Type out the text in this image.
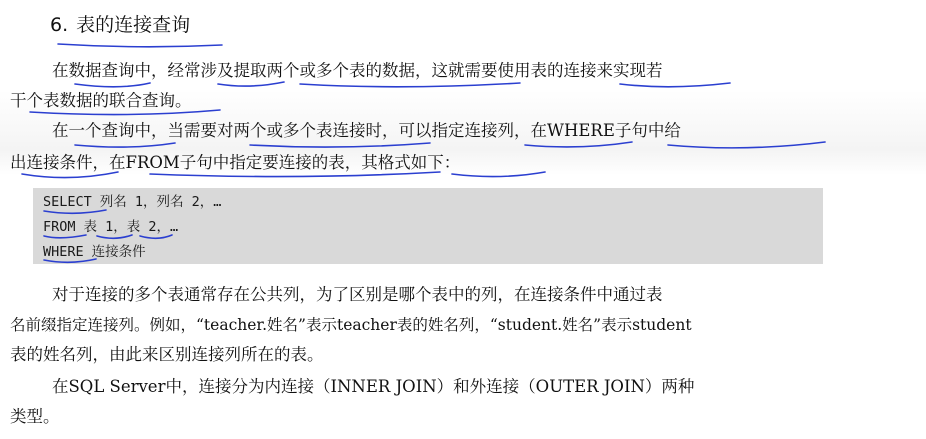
6. 表的连接查询
在数据查询中，经常涉及提取两个或多个表的数据，这就需要使用表的连接来实现若
干个表数据的联合查询。
在一个查询中，当需要对两个或多个表连接时，可以指定连接列，在WHERE子句中给
出连接条件，在FROM子句中指定要连接的表，其格式如下：
SELECT 列名 1，列名 2，…
FROM 表 1，表 2，…
WHERE 连接条件
对于连接的多个表通常存在公共列，为了区别是哪个表中的列，在连接条件中通过表
名前缀指定连接列。例如，“teacher.姓名”表示teacher表的姓名列，“student.姓名”表示student
表的姓名列，由此来区别连接列所在的表。
在SQL Server中，连接分为内连接（INNER JOIN）和外连接（OUTER JOIN）两种
类型。
